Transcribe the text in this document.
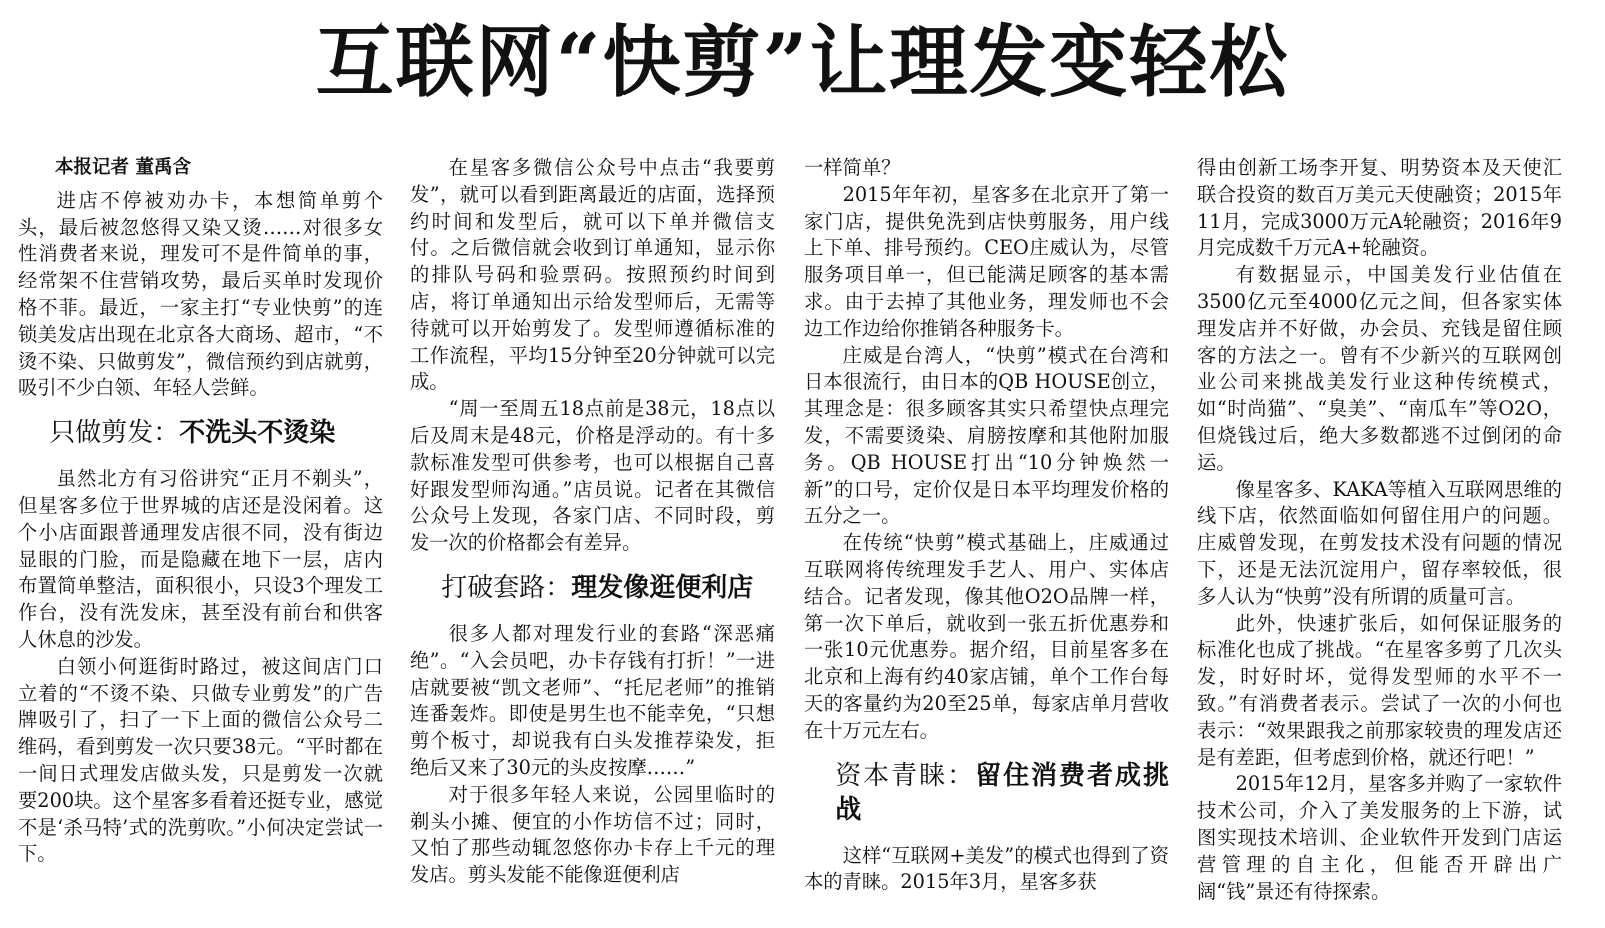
互联网“快剪”让理发变轻松

本报记者 董禹含

进店不停被劝办卡，本想简单剪个头，最后被忽悠得又染又烫……对很多女性消费者来说，理发可不是件简单的事，经常架不住营销攻势，最后买单时发现价格不菲。最近，一家主打“专业快剪”的连锁美发店出现在北京各大商场、超市，“不烫不染、只做剪发”，微信预约到店就剪，吸引不少白领、年轻人尝鲜。

只做剪发：不洗头不烫染

虽然北方有习俗讲究“正月不剃头”，但星客多位于世界城的店还是没闲着。这个小店面跟普通理发店很不同，没有街边显眼的门脸，而是隐藏在地下一层，店内布置简单整洁，面积很小，只设3个理发工作台，没有洗发床，甚至没有前台和供客人休息的沙发。

白领小何逛街时路过，被这间店门口立着的“不烫不染、只做专业剪发”的广告牌吸引了，扫了一下上面的微信公众号二维码，看到剪发一次只要38元。“平时都在一间日式理发店做头发，只是剪发一次就要200块。这个星客多看着还挺专业，感觉不是‘杀马特’式的洗剪吹。”小何决定尝试一下。

在星客多微信公众号中点击“我要剪发”，就可以看到距离最近的店面，选择预约时间和发型后，就可以下单并微信支付。之后微信就会收到订单通知，显示你的排队号码和验票码。按照预约时间到店，将订单通知出示给发型师后，无需等待就可以开始剪发了。发型师遵循标准的工作流程，平均15分钟至20分钟就可以完成。

“周一至周五18点前是38元，18点以后及周末是48元，价格是浮动的。有十多款标准发型可供参考，也可以根据自己喜好跟发型师沟通。”店员说。记者在其微信公众号上发现，各家门店、不同时段，剪发一次的价格都会有差异。

打破套路：理发像逛便利店

很多人都对理发行业的套路“深恶痛绝”。“入会员吧，办卡存钱有打折！”一进店就要被“凯文老师”、“托尼老师”的推销连番轰炸。即使是男生也不能幸免，“只想剪个板寸，却说我有白头发推荐染发，拒绝后又来了30元的头皮按摩……”

对于很多年轻人来说，公园里临时的剃头小摊、便宜的小作坊信不过；同时，又怕了那些动辄忽悠你办卡存上千元的理发店。剪头发能不能像逛便利店

一样简单？

2015年年初，星客多在北京开了第一家门店，提供免洗到店快剪服务，用户线上下单、排号预约。CEO庄威认为，尽管服务项目单一，但已能满足顾客的基本需求。由于去掉了其他业务，理发师也不会边工作边给你推销各种服务卡。

庄威是台湾人，“快剪”模式在台湾和日本很流行，由日本的QB HOUSE创立，其理念是：很多顾客其实只希望快点理完发，不需要烫染、肩膀按摩和其他附加服务。QB HOUSE打出“10分钟焕然一新”的口号，定价仅是日本平均理发价格的五分之一。

在传统“快剪”模式基础上，庄威通过互联网将传统理发手艺人、用户、实体店结合。记者发现，像其他O2O品牌一样，第一次下单后，就收到一张五折优惠券和一张10元优惠券。据介绍，目前星客多在北京和上海有约40家店铺，单个工作台每天的客量约为20至25单，每家店单月营收在十万元左右。

资本青睐：留住消费者成挑战

这样“互联网+美发”的模式也得到了资本的青睐。2015年3月，星客多获

得由创新工场李开复、明势资本及天使汇联合投资的数百万美元天使融资；2015年11月，完成3000万元A轮融资；2016年9月完成数千万元A+轮融资。

有数据显示，中国美发行业估值在3500亿元至4000亿元之间，但各家实体理发店并不好做，办会员、充钱是留住顾客的方法之一。曾有不少新兴的互联网创业公司来挑战美发行业这种传统模式，如“时尚猫”、“臭美”、“南瓜车”等O2O，但烧钱过后，绝大多数都逃不过倒闭的命运。

像星客多、KAKA等植入互联网思维的线下店，依然面临如何留住用户的问题。庄威曾发现，在剪发技术没有问题的情况下，还是无法沉淀用户，留存率较低，很多人认为“快剪”没有所谓的质量可言。

此外，快速扩张后，如何保证服务的标准化也成了挑战。“在星客多剪了几次头发，时好时坏，觉得发型师的水平不一致。”有消费者表示。尝试了一次的小何也表示：“效果跟我之前那家较贵的理发店还是有差距，但考虑到价格，就还行吧！”

2015年12月，星客多并购了一家软件技术公司，介入了美发服务的上下游，试图实现技术培训、企业软件开发到门店运营管理的自主化，但能否开辟出广阔“钱”景还有待探索。
